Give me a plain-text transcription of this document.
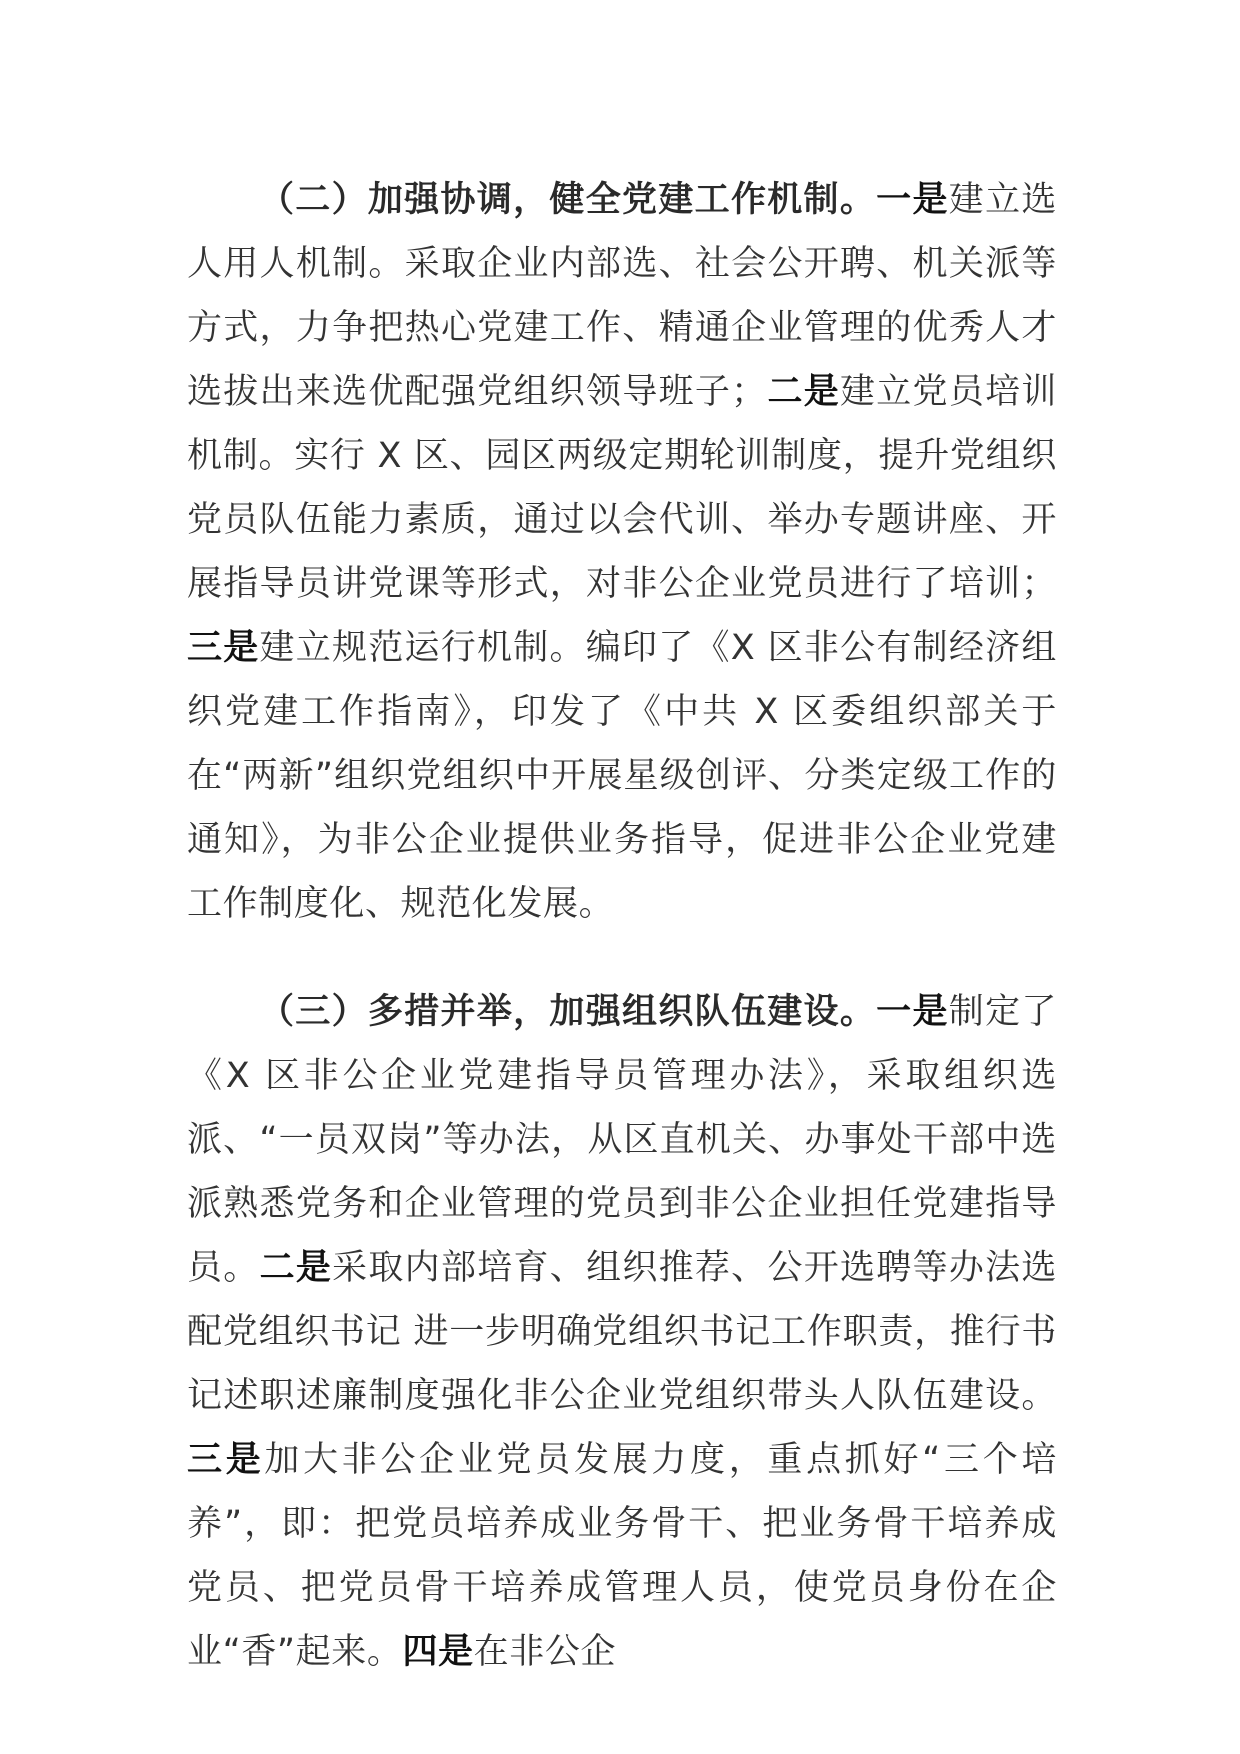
（二）加强协调，健全党建工作机制。一是建立选人用人机制。采取企业内部选、社会公开聘、机关派等方式，力争把热心党建工作、精通企业管理的优秀人才选拔出来选优配强党组织领导班子；二是建立党员培训机制。实行 X 区、园区两级定期轮训制度，提升党组织党员队伍能力素质，通过以会代训、举办专题讲座、开展指导员讲党课等形式，对非公企业党员进行了培训；三是建立规范运行机制。编印了《X 区非公有制经济组织党建工作指南》，印发了《中共 X 区委组织部关于在“两新”组织党组织中开展星级创评、分类定级工作的通知》，为非公企业提供业务指导，促进非公企业党建工作制度化、规范化发展。

（三）多措并举，加强组织队伍建设。一是制定了《X 区非公企业党建指导员管理办法》，采取组织选派、“一员双岗”等办法，从区直机关、办事处干部中选派熟悉党务和企业管理的党员到非公企业担任党建指导员。二是采取内部培育、组织推荐、公开选聘等办法选配党组织书记 进一步明确党组织书记工作职责，推行书记述职述廉制度强化非公企业党组织带头人队伍建设。三是加大非公企业党员发展力度，重点抓好“三个培养”，即：把党员培养成业务骨干、把业务骨干培养成党员、把党员骨干培养成管理人员，使党员身份在企业“香”起来。四是在非公企
